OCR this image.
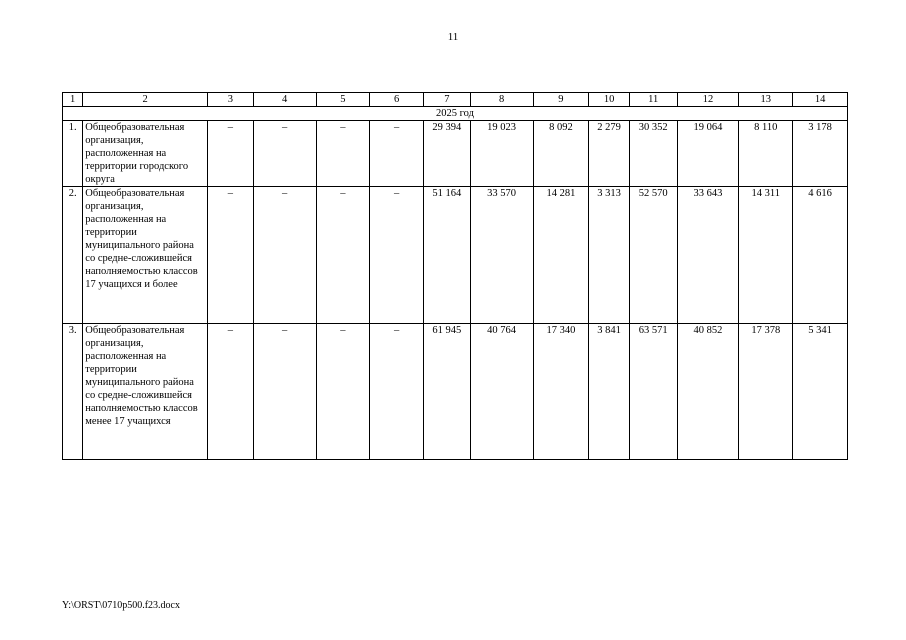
11
1	2	3	4	5	6	7	8	9	10	11	12	13	14
2025 год													
1.	Общеобразовательная организация, расположенная на территории городского округа	–	–	–	–	29 394	19 023	8 092	2 279	30 352	19 064	8 110	3 178
2.	Общеобразовательная организация, расположенная на территории муниципального района со средне-сложившейся наполняемостью классов 17 учащихся и более	–	–	–	–	51 164	33 570	14 281	3 313	52 570	33 643	14 311	4 616
3.	Общеобразовательная организация, расположенная на территории муниципального района со средне-сложившейся наполняемостью классов менее 17 учащихся	–	–	–	–	61 945	40 764	17 340	3 841	63 571	40 852	17 378	5 341
Y:\ORST\0710p500.f23.docx
